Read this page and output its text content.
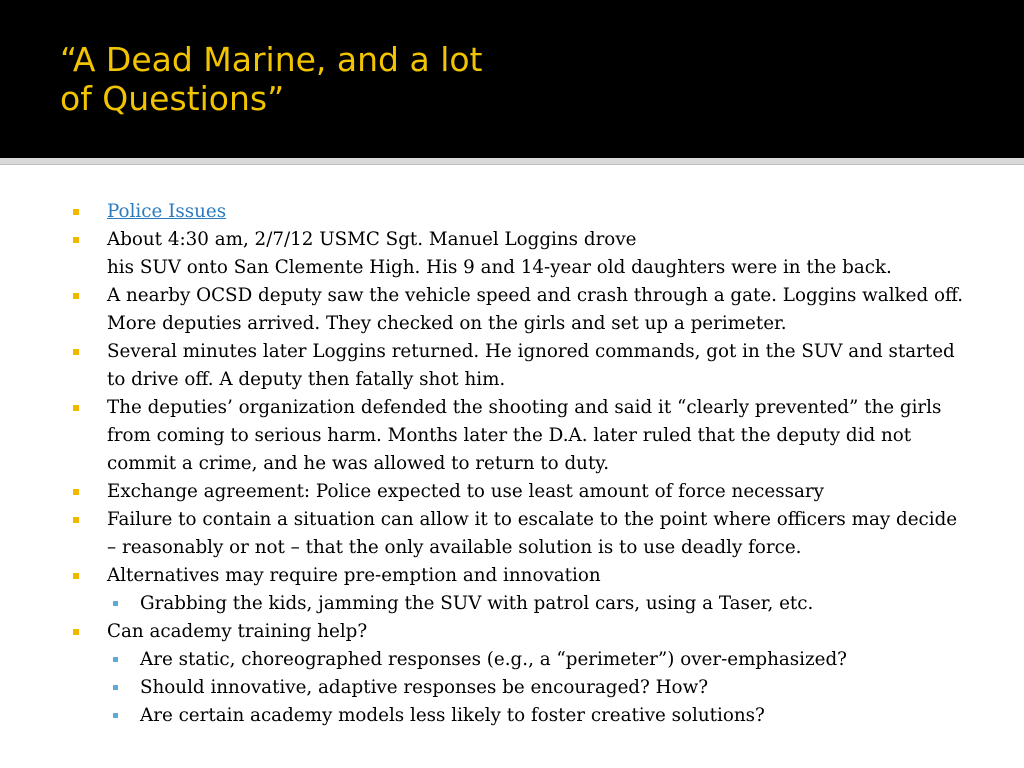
“A Dead Marine, and a lot
of Questions”
Police Issues
About 4:30 am, 2/7/12 USMC Sgt. Manuel Loggins drove
his SUV onto San Clemente High. His 9 and 14-year old daughters were in the back.
A nearby OCSD deputy saw the vehicle speed and crash through a gate. Loggins walked off. More deputies arrived. They checked on the girls and set up a perimeter.
Several minutes later Loggins returned. He ignored commands, got in the SUV and started to drive off. A deputy then fatally shot him.
The deputies’ organization defended the shooting and said it “clearly prevented” the girls from coming to serious harm. Months later the D.A. later ruled that the deputy did not commit a crime, and he was allowed to return to duty.
Exchange agreement: Police expected to use least amount of force necessary
Failure to contain a situation can allow it to escalate to the point where officers may decide – reasonably or not – that the only available solution is to use deadly force.
Alternatives may require pre-emption and innovation
Grabbing the kids, jamming the SUV with patrol cars, using a Taser, etc.
Can academy training help?
Are static, choreographed responses (e.g., a “perimeter”) over-emphasized?
Should innovative, adaptive responses be encouraged? How?
Are certain academy models less likely to foster creative solutions?
